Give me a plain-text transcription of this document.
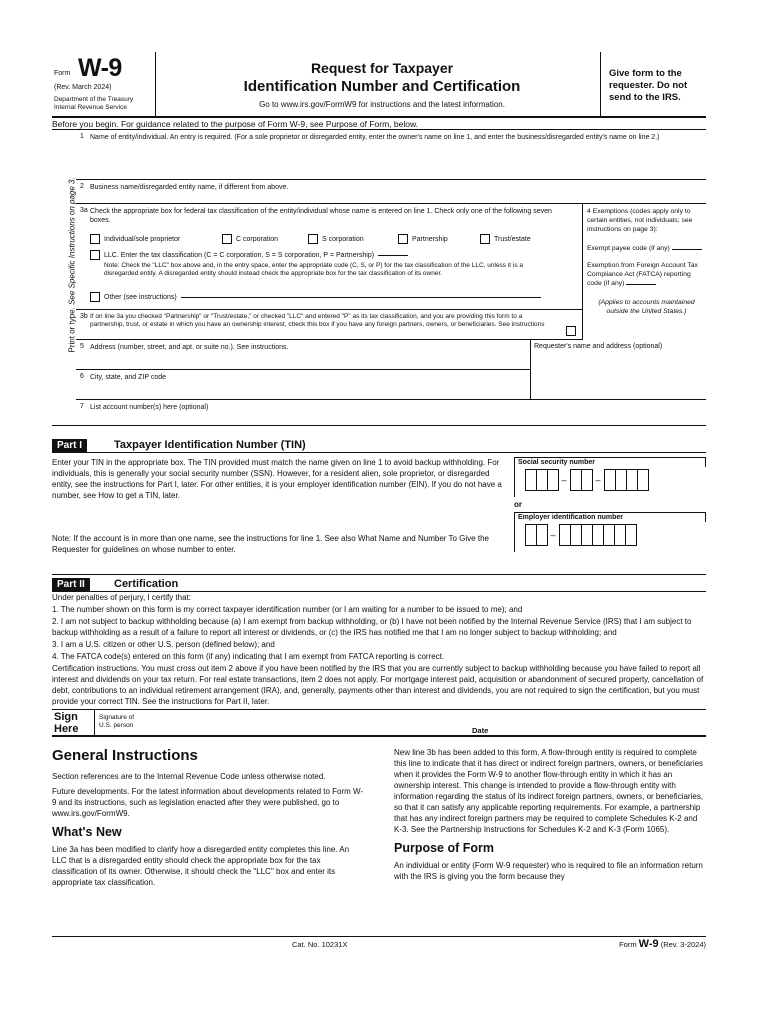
Form W-9
(Rev. March 2024)
Department of the Treasury Internal Revenue Service
Request for Taxpayer
Identification Number and Certification
Go to www.irs.gov/FormW9 for instructions and the latest information.
Give form to the requester. Do not send to the IRS.
Before you begin. For guidance related to the purpose of Form W-9, see Purpose of Form, below.
Print or type. See Specific Instructions on page 3.
1 Name of entity/individual. An entry is required. (For a sole proprietor or disregarded entity, enter the owner's name on line 1, and enter the business/disregarded entity's name on line 2.)
2 Business name/disregarded entity name, if different from above.
3a Check the appropriate box for federal tax classification of the entity/individual whose name is entered on line 1. Check only one of the following seven boxes.
Individual/sole proprietor	C corporation	S corporation	Partnership	Trust/estate
LLC. Enter the tax classification (C = C corporation, S = S corporation, P = Partnership)
Note: Check the "LLC" box above and, in the entry space, enter the appropriate code (C, S, or P) for the tax classification of the LLC, unless it is a disregarded entity. A disregarded entity should instead check the appropriate box for the tax classification of its owner.
Other (see instructions)
3b If on line 3a you checked "Partnership" or "Trust/estate," or checked "LLC" and entered "P" as its tax classification, and you are providing this form to a partnership, trust, or estate in which you have an ownership interest, check this box if you have any foreign partners, owners, or beneficiaries. See instructions
4 Exemptions (codes apply only to certain entities, not individuals; see instructions on page 3):
Exempt payee code (if any)
Exemption from Foreign Account Tax Compliance Act (FATCA) reporting code (if any)
(Applies to accounts maintained outside the United States.)
5 Address (number, street, and apt. or suite no.). See instructions.	Requester's name and address (optional)
6 City, state, and ZIP code
7 List account number(s) here (optional)
Part I	Taxpayer Identification Number (TIN)
Enter your TIN in the appropriate box. The TIN provided must match the name given on line 1 to avoid backup withholding. For individuals, this is generally your social security number (SSN). However, for a resident alien, sole proprietor, or disregarded entity, see the instructions for Part I, later. For other entities, it is your employer identification number (EIN). If you do not have a number, see How to get a TIN, later.
Note: If the account is in more than one name, see the instructions for line 1. See also What Name and Number To Give the Requester for guidelines on whose number to enter.
Social security number
–	–
or
Employer identification number
–
Part II	Certification

Under penalties of perjury, I certify that:

1. The number shown on this form is my correct taxpayer identification number (or I am waiting for a number to be issued to me); and

2. I am not subject to backup withholding because (a) I am exempt from backup withholding, or (b) I have not been notified by the Internal Revenue Service (IRS) that I am subject to backup withholding as a result of a failure to report all interest or dividends, or (c) the IRS has notified me that I am no longer subject to backup withholding; and

3. I am a U.S. citizen or other U.S. person (defined below); and

4. The FATCA code(s) entered on this form (if any) indicating that I am exempt from FATCA reporting is correct.

Certification instructions. You must cross out item 2 above if you have been notified by the IRS that you are currently subject to backup withholding because you have failed to report all interest and dividends on your tax return. For real estate transactions, item 2 does not apply. For mortgage interest paid, acquisition or abandonment of secured property, cancellation of debt, contributions to an individual retirement arrangement (IRA), and, generally, payments other than interest and dividends, you are not required to sign the certification, but you must provide your correct TIN. See the instructions for Part II, later.

Sign Here
Signature of U.S. person
Date
General Instructions

Section references are to the Internal Revenue Code unless otherwise noted.

Future developments. For the latest information about developments related to Form W-9 and its instructions, such as legislation enacted after they were published, go to www.irs.gov/FormW9.

What's New

Line 3a has been modified to clarify how a disregarded entity completes this line. An LLC that is a disregarded entity should check the appropriate box for the tax classification of its owner. Otherwise, it should check the "LLC" box and enter its appropriate tax classification.

New line 3b has been added to this form. A flow-through entity is required to complete this line to indicate that it has direct or indirect foreign partners, owners, or beneficiaries when it provides the Form W-9 to another flow-through entity in which it has an ownership interest. This change is intended to provide a flow-through entity with information regarding the status of its indirect foreign partners, owners, or beneficiaries, so that it can satisfy any applicable reporting requirements. For example, a partnership that has any indirect foreign partners may be required to complete Schedules K-2 and K-3. See the Partnership Instructions for Schedules K-2 and K-3 (Form 1065).

Purpose of Form

An individual or entity (Form W-9 requester) who is required to file an information return with the IRS is giving you the form because they

Cat. No. 10231X	Form W-9 (Rev. 3-2024)
